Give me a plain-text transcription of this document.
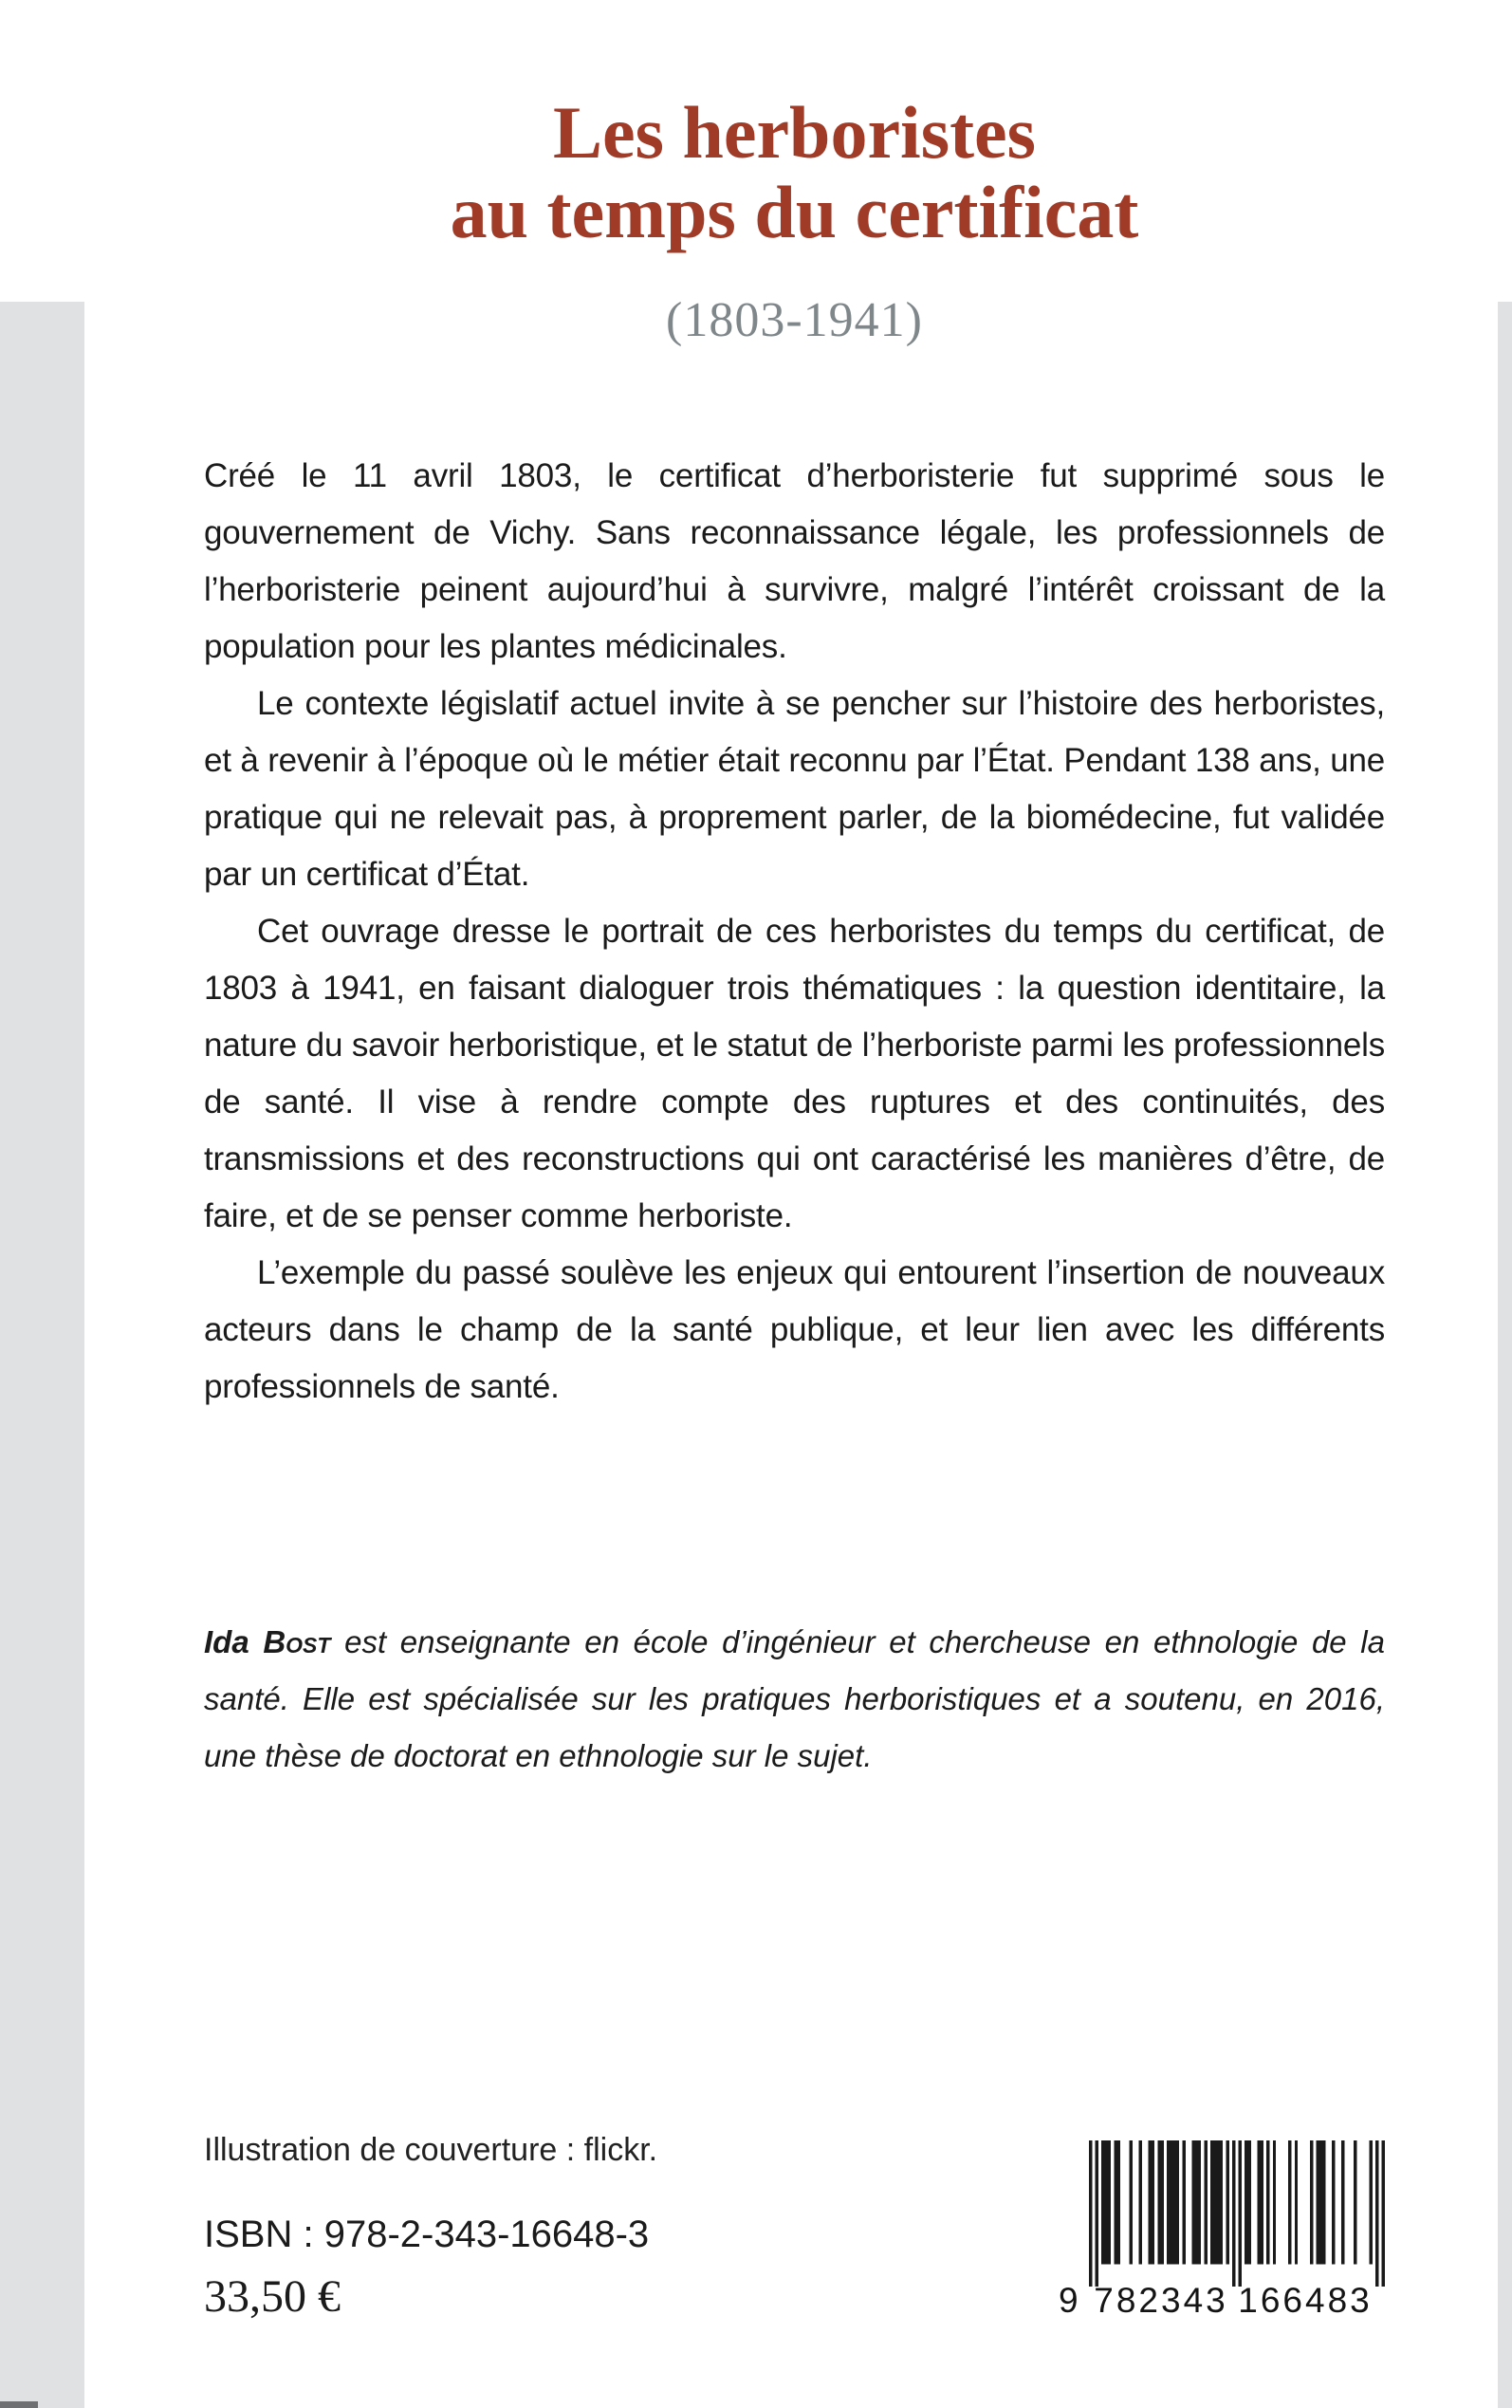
Les herboristes
au temps du certificat
(1803-1941)

Créé le 11 avril 1803, le certificat d’herboristerie fut supprimé sous le gouvernement de Vichy. Sans reconnaissance légale, les professionnels de l’herboristerie peinent aujourd’hui à survivre, malgré l’intérêt croissant de la population pour les plantes médicinales.

Le contexte législatif actuel invite à se pencher sur l’histoire des herboristes, et à revenir à l’époque où le métier était reconnu par l’État. Pendant 138 ans, une pratique qui ne relevait pas, à proprement parler, de la biomédecine, fut validée par un certificat d’État.

Cet ouvrage dresse le portrait de ces herboristes du temps du certificat, de 1803 à 1941, en faisant dialoguer trois thématiques : la question identitaire, la nature du savoir herboristique, et le statut de l’herboriste parmi les professionnels de santé. Il vise à rendre compte des ruptures et des continuités, des transmissions et des reconstructions qui ont caractérisé les manières d’être, de faire, et de se penser comme herboriste.

L’exemple du passé soulève les enjeux qui entourent l’insertion de nouveaux acteurs dans le champ de la santé publique, et leur lien avec les différents professionnels de santé.

Ida Bost est enseignante en école d’ingénieur et chercheuse en ethnologie de la santé. Elle est spécialisée sur les pratiques herboristiques et a soutenu, en 2016, une thèse de doctorat en ethnologie sur le sujet.

Illustration de couverture : flickr.
ISBN : 978-2-343-16648-3
33,50 €	9 782343 166483
